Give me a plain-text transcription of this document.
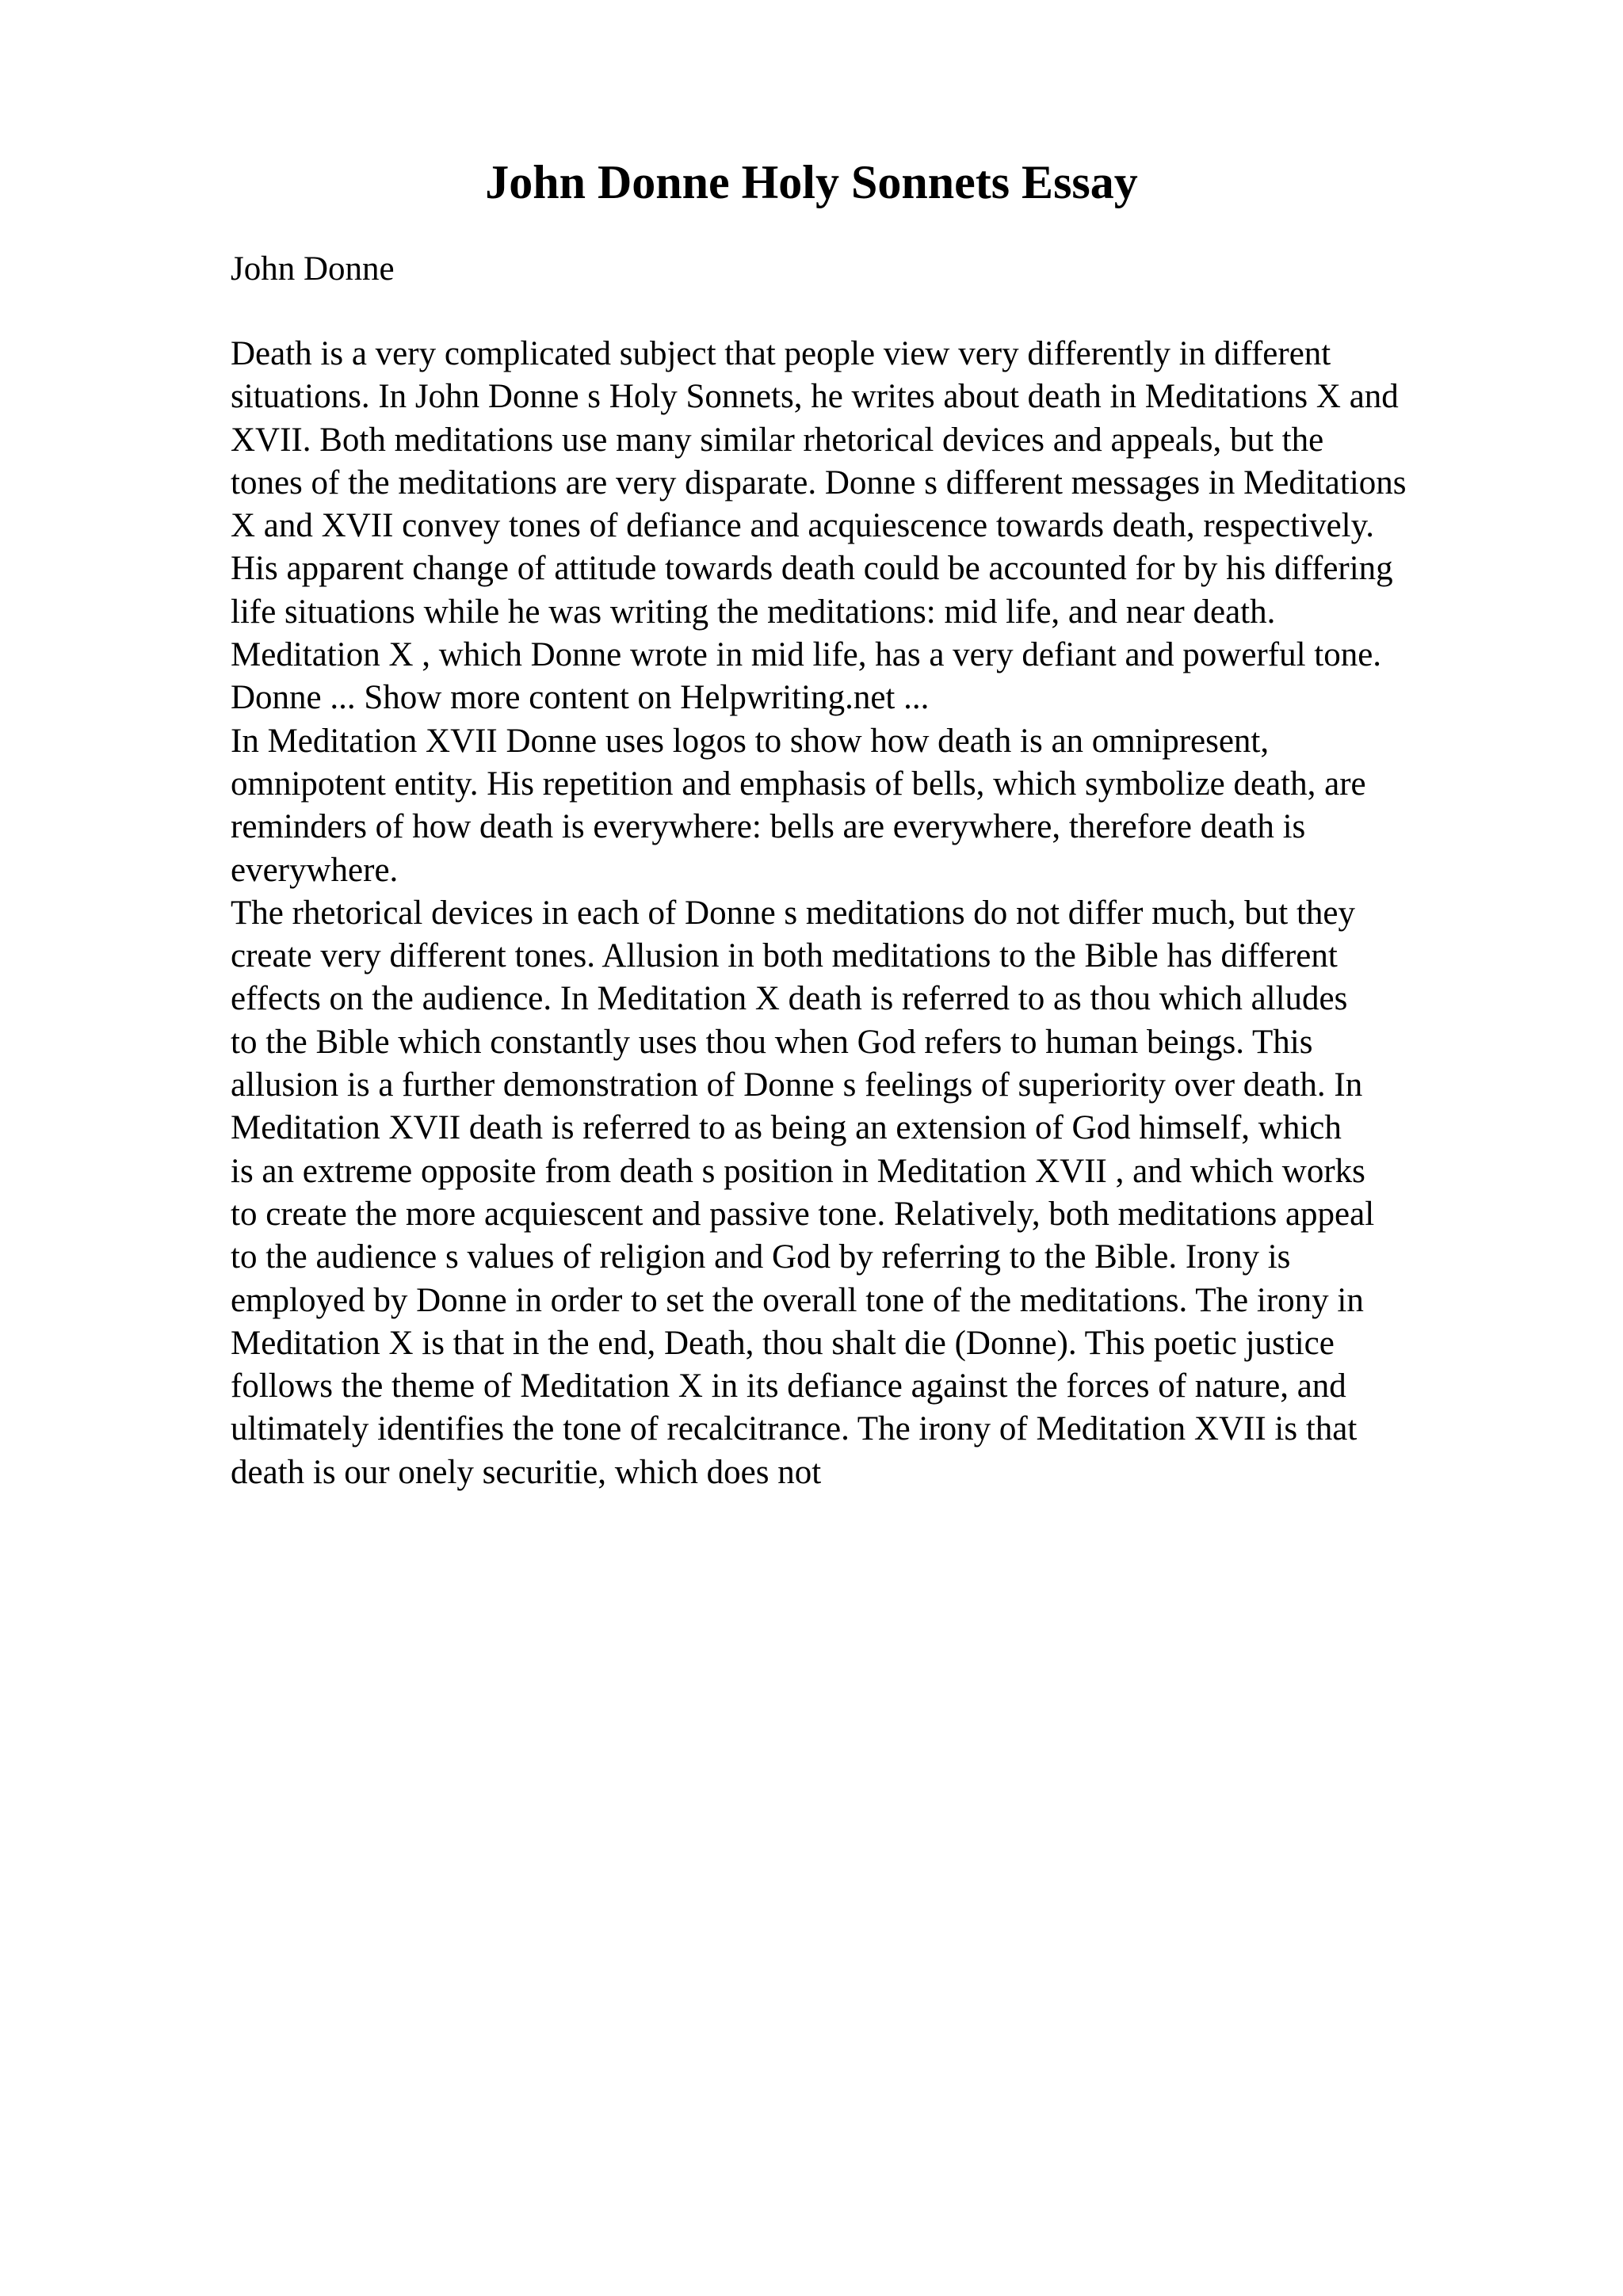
John Donne Holy Sonnets Essay

John Donne

Death is a very complicated subject that people view very differently in different
situations. In John Donne s Holy Sonnets, he writes about death in Meditations X and
XVII. Both meditations use many similar rhetorical devices and appeals, but the
tones of the meditations are very disparate. Donne s different messages in Meditations
X and XVII convey tones of defiance and acquiescence towards death, respectively.
His apparent change of attitude towards death could be accounted for by his differing
life situations while he was writing the meditations: mid life, and near death.
Meditation X , which Donne wrote in mid life, has a very defiant and powerful tone.
Donne ... Show more content on Helpwriting.net ...
In Meditation XVII Donne uses logos to show how death is an omnipresent,
omnipotent entity. His repetition and emphasis of bells, which symbolize death, are
reminders of how death is everywhere: bells are everywhere, therefore death is
everywhere.
The rhetorical devices in each of Donne s meditations do not differ much, but they
create very different tones. Allusion in both meditations to the Bible has different
effects on the audience. In Meditation X death is referred to as thou which alludes
to the Bible which constantly uses thou when God refers to human beings. This
allusion is a further demonstration of Donne s feelings of superiority over death. In
Meditation XVII death is referred to as being an extension of God himself, which
is an extreme opposite from death s position in Meditation XVII , and which works
to create the more acquiescent and passive tone. Relatively, both meditations appeal
to the audience s values of religion and God by referring to the Bible. Irony is
employed by Donne in order to set the overall tone of the meditations. The irony in
Meditation X is that in the end, Death, thou shalt die (Donne). This poetic justice
follows the theme of Meditation X in its defiance against the forces of nature, and
ultimately identifies the tone of recalcitrance. The irony of Meditation XVII is that
death is our onely securitie, which does not
